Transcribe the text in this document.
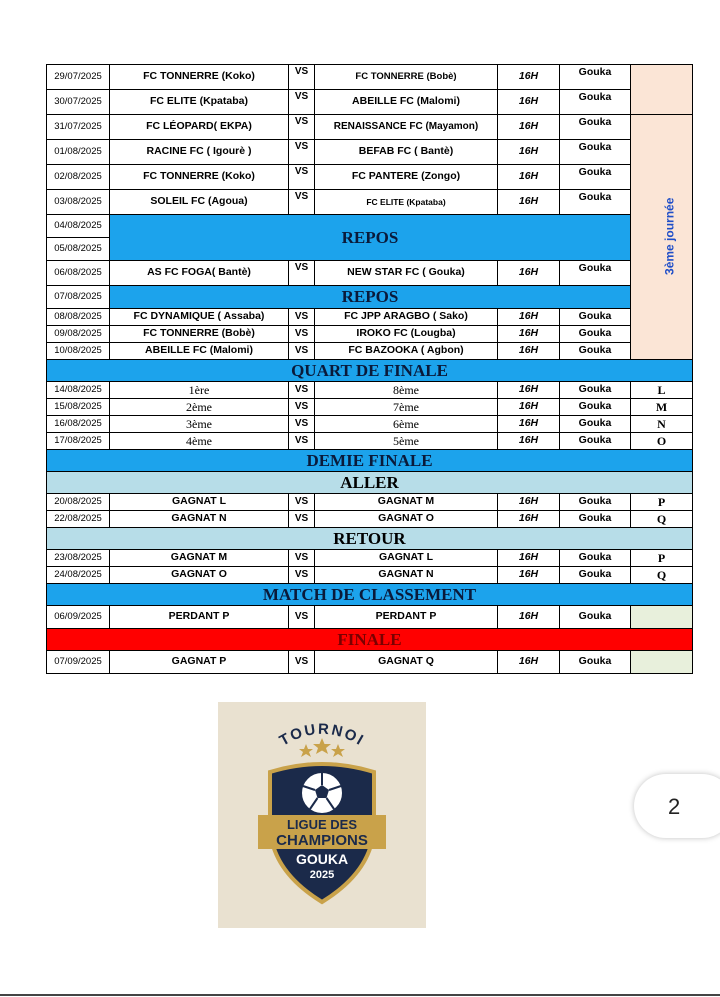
29/07/2025	FC TONNERRE (Koko)	VS	FC TONNERRE (Bobè)	16H	Gouka	
30/07/2025	FC ELITE (Kpataba)	VS	ABEILLE FC (Malomi)	16H	Gouka	
31/07/2025	FC LÉOPARD( EKPA)	VS	RENAISSANCE FC (Mayamon)	16H	Gouka	3ème journée
01/08/2025	RACINE FC ( Igourè )	VS	BEFAB FC ( Bantè)	16H	Gouka	
02/08/2025	FC TONNERRE (Koko)	VS	FC PANTERE (Zongo)	16H	Gouka	
03/08/2025	SOLEIL FC (Agoua)	VS	FC ELITE (Kpataba)	16H	Gouka	
04/08/2025	REPOS					
05/08/2025						
06/08/2025	AS FC FOGA( Bantè)	VS	NEW STAR FC ( Gouka)	16H	Gouka	
07/08/2025	REPOS					
08/08/2025	FC DYNAMIQUE ( Assaba)	VS	FC JPP ARAGBO ( Sako)	16H	Gouka	
09/08/2025	FC TONNERRE (Bobè)	VS	IROKO FC (Lougba)	16H	Gouka	
10/08/2025	ABEILLE FC (Malomi)	VS	FC BAZOOKA ( Agbon)	16H	Gouka	
QUART DE FINALE						
14/08/2025	1ère	VS	8ème	16H	Gouka	L
15/08/2025	2ème	VS	7ème	16H	Gouka	M
16/08/2025	3ème	VS	6ème	16H	Gouka	N
17/08/2025	4ème	VS	5ème	16H	Gouka	O
DEMIE FINALE						
ALLER						
20/08/2025	GAGNAT L	VS	GAGNAT M	16H	Gouka	P
22/08/2025	GAGNAT N	VS	GAGNAT O	16H	Gouka	Q
RETOUR						
23/08/2025	GAGNAT M	VS	GAGNAT L	16H	Gouka	P
24/08/2025	GAGNAT O	VS	GAGNAT N	16H	Gouka	Q
MATCH DE CLASSEMENT						
06/09/2025	PERDANT P	VS	PERDANT P	16H	Gouka	
FINALE						
07/09/2025	GAGNAT P	VS	GAGNAT Q	16H	Gouka	
TOURNOI
LIGUE DES
CHAMPIONS
GOUKA
2025
2
